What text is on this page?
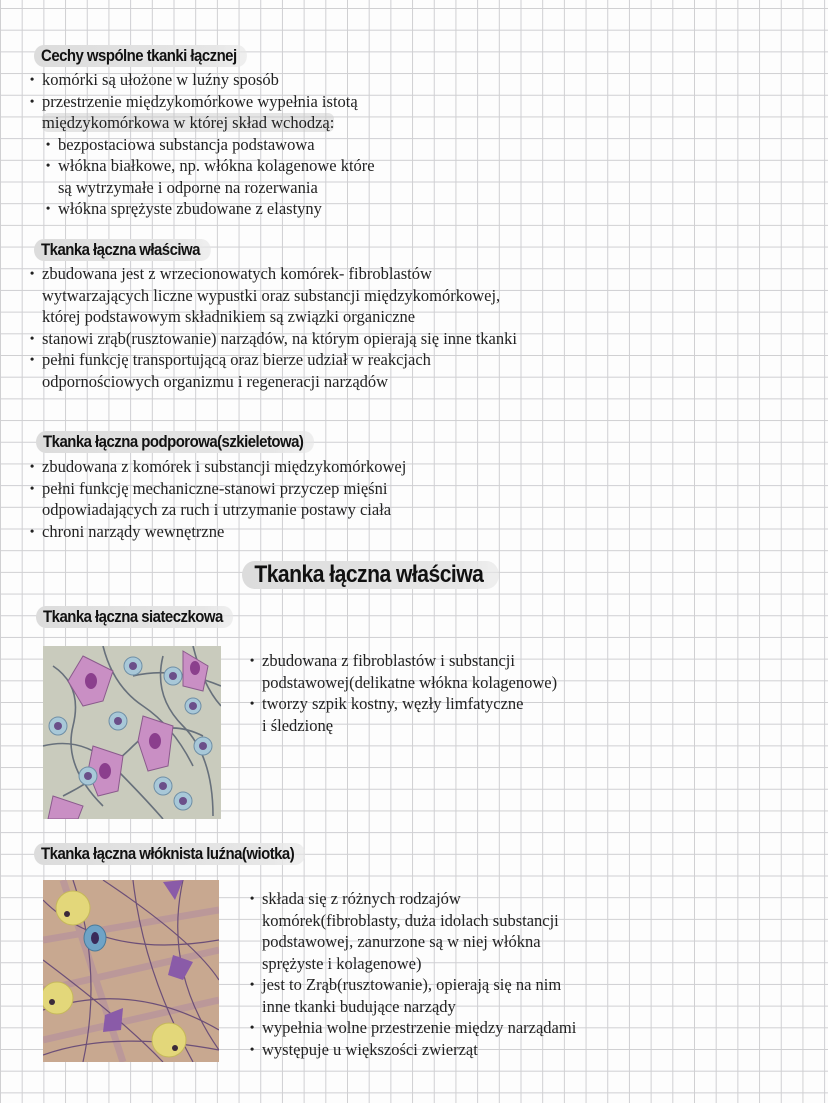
Cechy wspólne tkanki łącznej
• komórki są ułożone w luźny sposób
• przestrzenie międzykomórkowe wypełnia istotą
międzykomórkowa w której skład wchodzą:
• bezpostaciowa substancja podstawowa
• włókna białkowe, np. włókna kolagenowe które
są wytrzymałe i odporne na rozerwania
• włókna sprężyste zbudowane z elastyny
Tkanka łączna właściwa
• zbudowana jest z wrzecionowatych komórek- fibroblastów
wytwarzających liczne wypustki oraz substancji międzykomórkowej,
której podstawowym składnikiem są związki organiczne
• stanowi zrąb(rusztowanie) narządów, na którym opierają się inne tkanki
• pełni funkcję transportującą oraz bierze udział w reakcjach
odpornościowych organizmu i regeneracji narządów
Tkanka łączna podporowa(szkieletowa)
• zbudowana z komórek i substancji międzykomórkowej
• pełni funkcję mechaniczne-stanowi przyczep mięśni
odpowiadających za ruch i utrzymanie postawy ciała
• chroni narządy wewnętrzne
Tkanka łączna właściwa
Tkanka łączna siateczkowa
• zbudowana z fibroblastów i substancji
podstawowej(delikatne włókna kolagenowe)
• tworzy szpik kostny, węzły limfatyczne
i śledzionę
Tkanka łączna włóknista luźna(wiotka)
• składa się z różnych rodzajów
komórek(fibroblasty, duża idolach substancji
podstawowej, zanurzone są w niej włókna
sprężyste i kolagenowe)
• jest to Zrąb(rusztowanie), opierają się na nim
inne tkanki budujące narządy
• wypełnia wolne przestrzenie między narządami
• występuje u większości zwierząt
